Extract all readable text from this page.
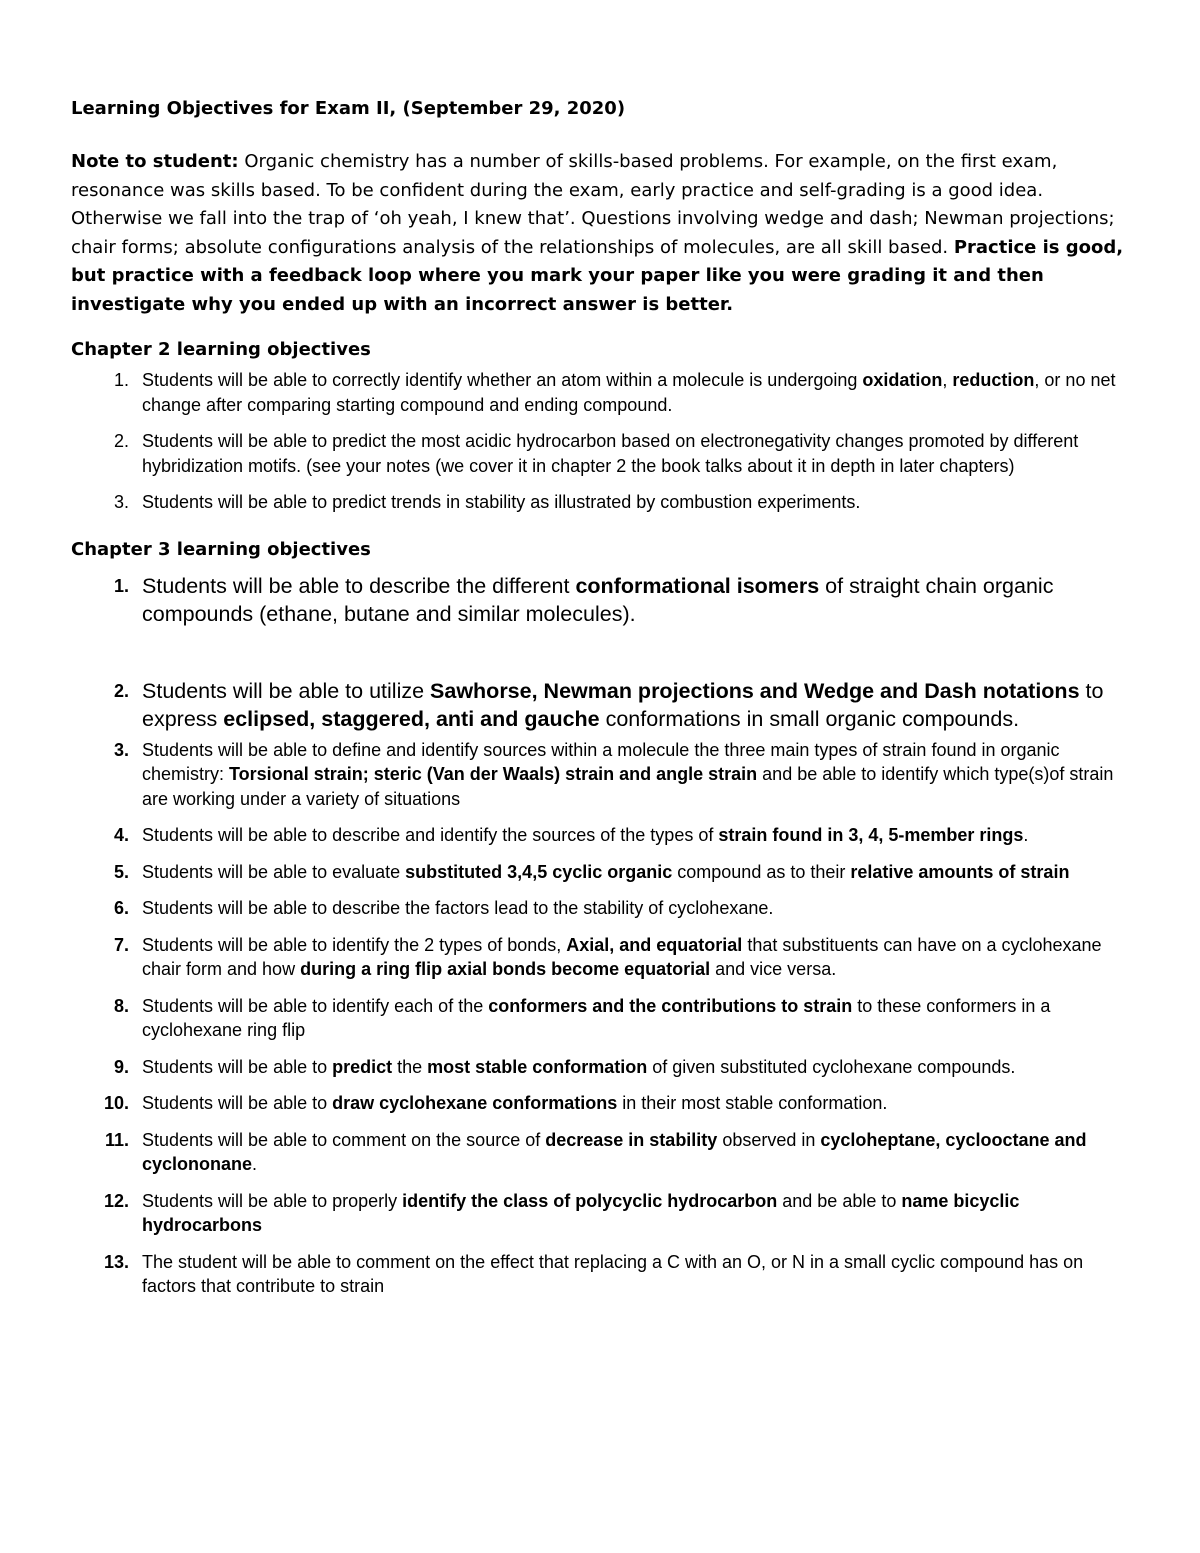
Learning Objectives for Exam II, (September 29, 2020)

Note to student: Organic chemistry has a number of skills-based problems. For example, on the first exam, resonance was skills based. To be confident during the exam, early practice and self-grading is a good idea. Otherwise we fall into the trap of ‘oh yeah, I knew that’. Questions involving wedge and dash; Newman projections; chair forms; absolute configurations analysis of the relationships of molecules, are all skill based. Practice is good, but practice with a feedback loop where you mark your paper like you were grading it and then investigate why you ended up with an incorrect answer is better.

Chapter 2 learning objectives

1. Students will be able to correctly identify whether an atom within a molecule is undergoing oxidation, reduction, or no net change after comparing starting compound and ending compound.
2. Students will be able to predict the most acidic hydrocarbon based on electronegativity changes promoted by different hybridization motifs. (see your notes (we cover it in chapter 2 the book talks about it in depth in later chapters)
3. Students will be able to predict trends in stability as illustrated by combustion experiments.

Chapter 3 learning objectives

1. Students will be able to describe the different conformational isomers of straight chain organic compounds (ethane, butane and similar molecules).
2. Students will be able to utilize Sawhorse, Newman projections and Wedge and Dash notations to express eclipsed, staggered, anti and gauche conformations in small organic compounds.
3. Students will be able to define and identify sources within a molecule the three main types of strain found in organic chemistry: Torsional strain; steric (Van der Waals) strain and angle strain and be able to identify which type(s)of strain are working under a variety of situations
4. Students will be able to describe and identify the sources of the types of strain found in 3, 4, 5-member rings.
5. Students will be able to evaluate substituted 3,4,5 cyclic organic compound as to their relative amounts of strain
6. Students will be able to describe the factors lead to the stability of cyclohexane.
7. Students will be able to identify the 2 types of bonds, Axial, and equatorial that substituents can have on a cyclohexane chair form and how during a ring flip axial bonds become equatorial and vice versa.
8. Students will be able to identify each of the conformers and the contributions to strain to these conformers in a cyclohexane ring flip
9. Students will be able to predict the most stable conformation of given substituted cyclohexane compounds.
10. Students will be able to draw cyclohexane conformations in their most stable conformation.
11. Students will be able to comment on the source of decrease in stability observed in cycloheptane, cyclooctane and cyclononane.
12. Students will be able to properly identify the class of polycyclic hydrocarbon and be able to name bicyclic hydrocarbons
13. The student will be able to comment on the effect that replacing a C with an O, or N in a small cyclic compound has on factors that contribute to strain
